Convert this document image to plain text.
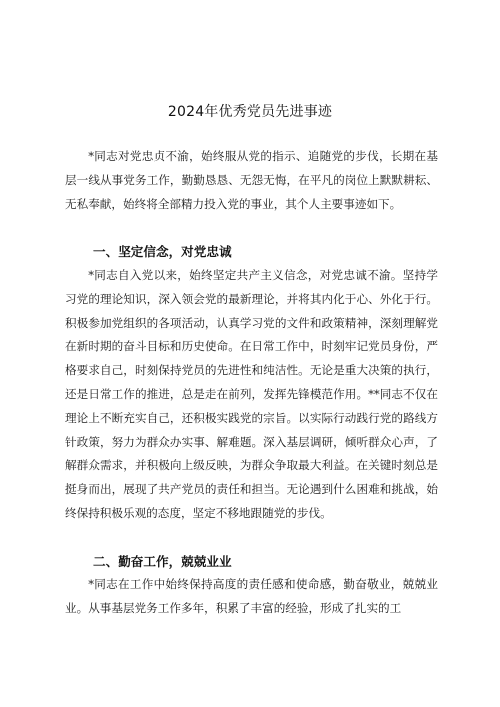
2024年优秀党员先进事迹

*同志对党忠贞不渝，始终服从党的指示、追随党的步伐，长期在基层一线从事党务工作，勤勤恳恳、无怨无悔，在平凡的岗位上默默耕耘、无私奉献，始终将全部精力投入党的事业，其个人主要事迹如下。

一、坚定信念，对党忠诚

*同志自入党以来，始终坚定共产主义信念，对党忠诚不渝。坚持学习党的理论知识，深入领会党的最新理论，并将其内化于心、外化于行。积极参加党组织的各项活动，认真学习党的文件和政策精神，深刻理解党在新时期的奋斗目标和历史使命。在日常工作中，时刻牢记党员身份，严格要求自己，时刻保持党员的先进性和纯洁性。无论是重大决策的执行，还是日常工作的推进，总是走在前列，发挥先锋模范作用。**同志不仅在理论上不断充实自己，还积极实践党的宗旨。以实际行动践行党的路线方针政策，努力为群众办实事、解难题。深入基层调研，倾听群众心声，了解群众需求，并积极向上级反映，为群众争取最大利益。在关键时刻总是挺身而出，展现了共产党员的责任和担当。无论遇到什么困难和挑战，始终保持积极乐观的态度，坚定不移地跟随党的步伐。

二、勤奋工作，兢兢业业

*同志在工作中始终保持高度的责任感和使命感，勤奋敬业，兢兢业业。从事基层党务工作多年，积累了丰富的经验，形成了扎实的工
